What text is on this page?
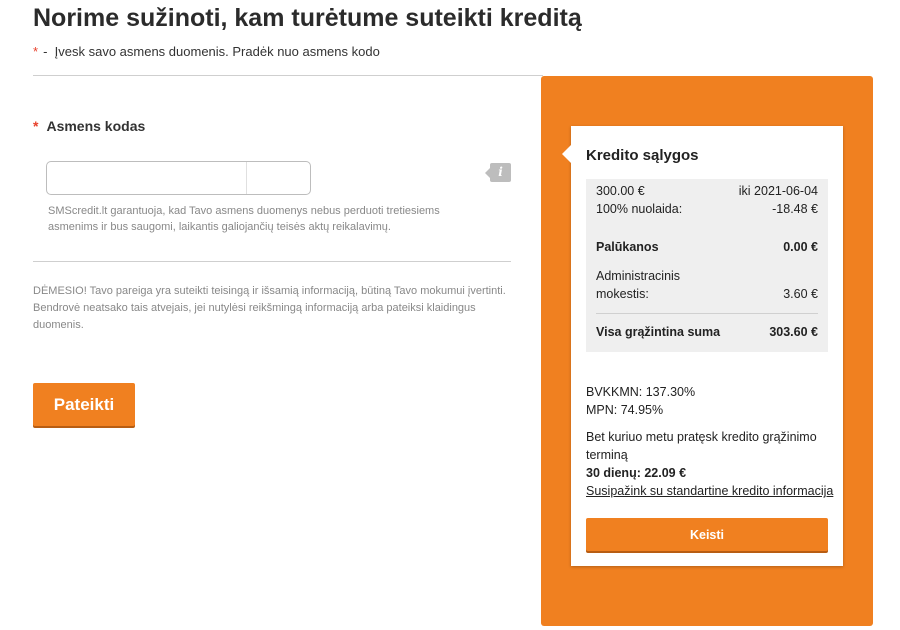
Norime sužinoti, kam turėtume suteikti kreditą
* - Įvesk savo asmens duomenis. Pradėk nuo asmens kodo
* Asmens kodas
i

SMScredit.lt garantuoja, kad Tavo asmens duomenys nebus perduoti tretiesiems asmenims ir bus saugomi, laikantis galiojančių teisės aktų reikalavimų.

DĖMESIO! Tavo pareiga yra suteikti teisingą ir išsamią informaciją, būtiną Tavo mokumui įvertinti. Bendrovė neatsako tais atvejais, jei nutylėsi reikšmingą informaciją arba pateiksi klaidingus duomenis.

Pateikti
Kredito sąlygos
300.00 €	iki 2021-06-04
100% nuolaida:	-18.48 €
Palūkanos	0.00 €
Administracinis
mokestis:	3.60 €
Visa grąžintina suma	303.60 €
BVKKMN: 137.30%
MPN: 74.95%
Bet kuriuo metu pratęsk kredito grąžinimo terminą
30 dienų: 22.09 €
Susipažink su standartine kredito informacija
Keisti
